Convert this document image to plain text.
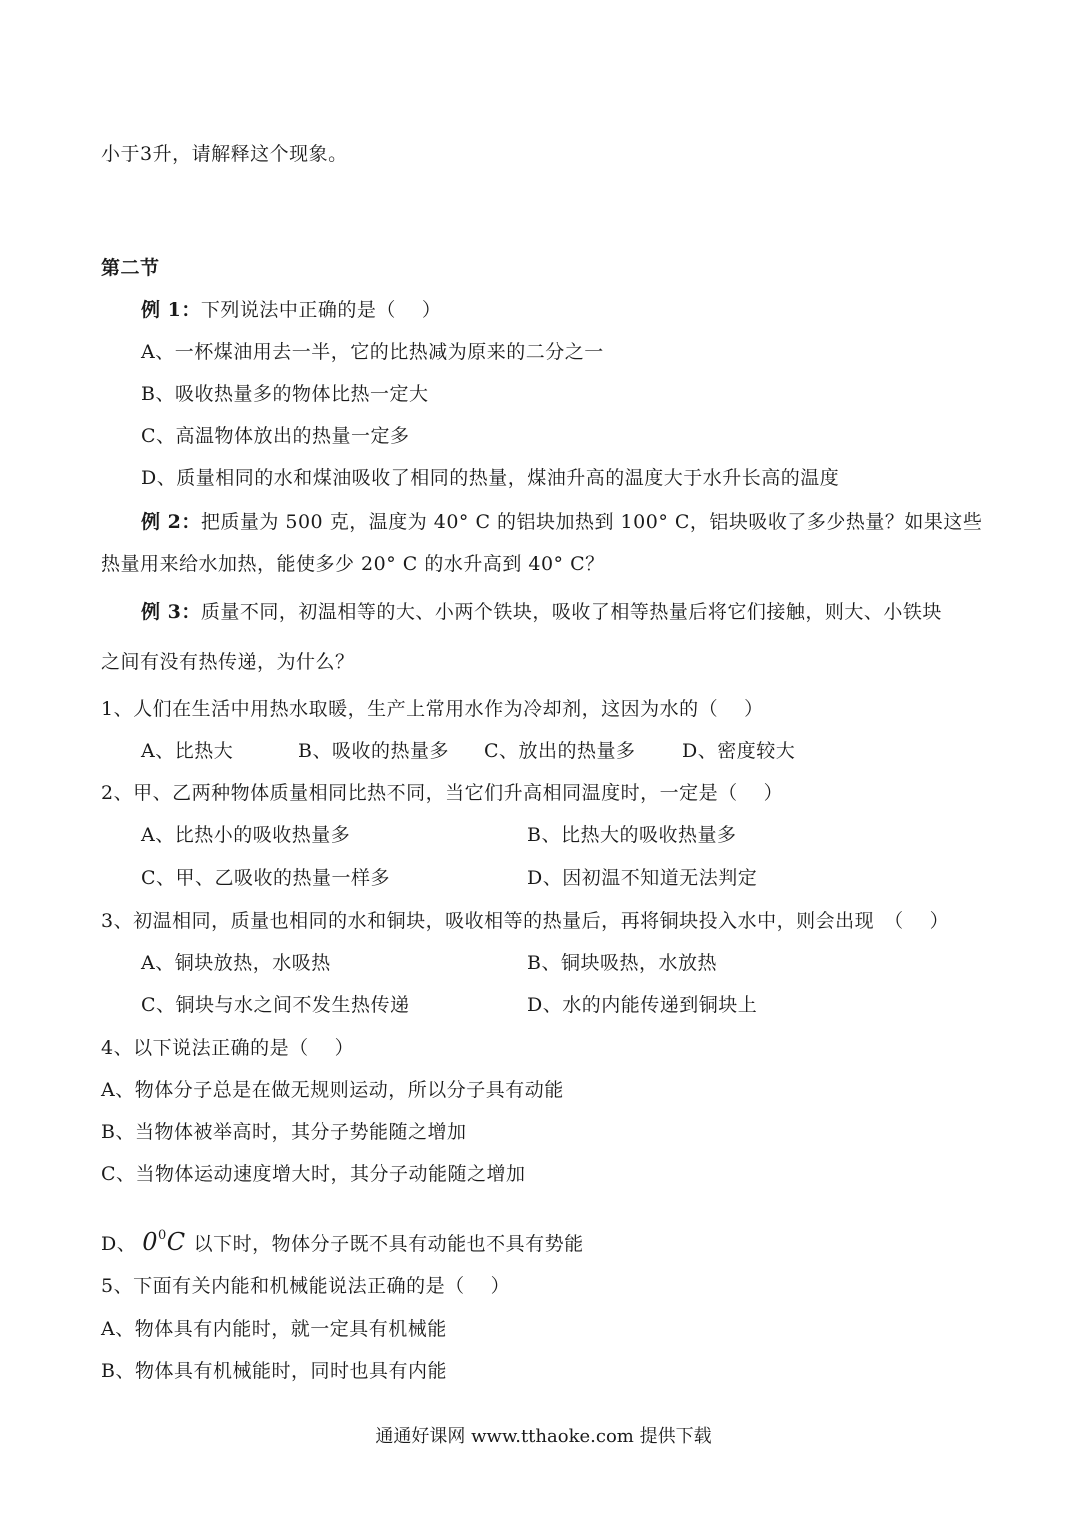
小于3升，请解释这个现象。

第二节

例 1：下列说法中正确的是（　 ）

A、一杯煤油用去一半，它的比热减为原来的二分之一

B、吸收热量多的物体比热一定大

C、高温物体放出的热量一定多

D、质量相同的水和煤油吸收了相同的热量，煤油升高的温度大于水升长高的温度

例 2：把质量为 500 克，温度为 40° C 的铝块加热到 100° C，铝块吸收了多少热量？如果这些

热量用来给水加热，能使多少 20° C 的水升高到 40° C？

例 3：质量不同，初温相等的大、小两个铁块，吸收了相等热量后将它们接触，则大、小铁块

之间有没有热传递，为什么？

1、人们在生活中用热水取暖，生产上常用水作为冷却剂，这因为水的（　 ）

A、比热大	B、吸收的热量多 C、放出的热量多 D、密度较大

2、甲、乙两种物体质量相同比热不同，当它们升高相同温度时，一定是（　 ）

A、比热小的吸收热量多	B、比热大的吸收热量多
C、甲、乙吸收的热量一样多	D、因初温不知道无法判定

3、初温相同，质量也相同的水和铜块，吸收相等的热量后，再将铜块投入水中，则会出现　（　 ）

A、铜块放热，水吸热	B、铜块吸热，水放热
C、铜块与水之间不发生热传递	D、水的内能传递到铜块上

4、以下说法正确的是（　 ）

A、物体分子总是在做无规则运动，所以分子具有动能

B、当物体被举高时，其分子势能随之增加

C、当物体运动速度增大时，其分子动能随之增加

D、 $0^0C$ 以下时，物体分子既不具有动能也不具有势能

5、下面有关内能和机械能说法正确的是（　 ）

A、物体具有内能时，就一定具有机械能

B、物体具有机械能时，同时也具有内能

通通好课网 www.tthaoke.com 提供下载
